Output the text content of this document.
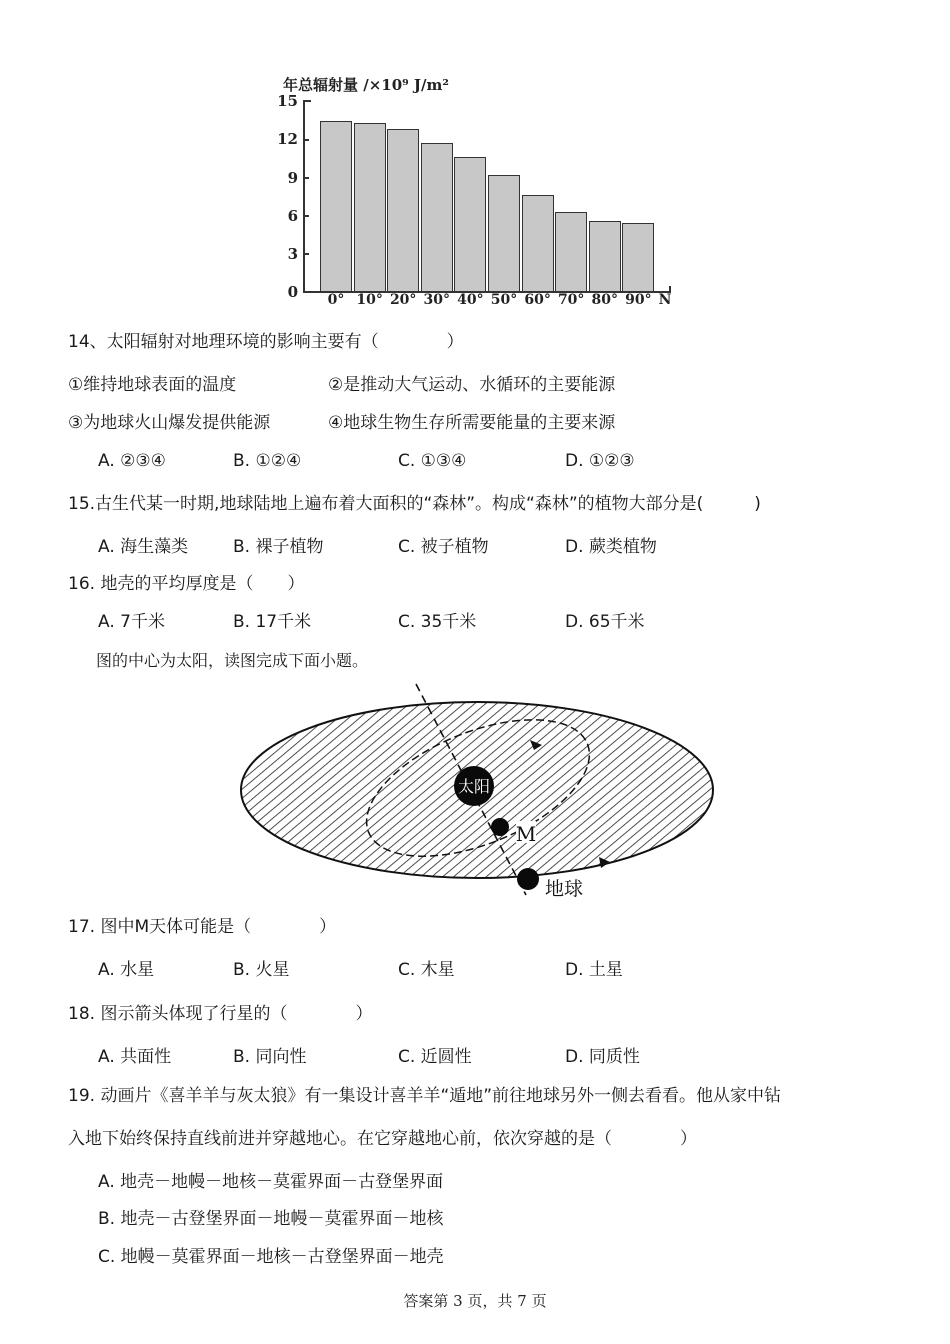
年总辐射量 /×10⁹ J/m²
15
12
9
6
3
0	0° 10° 20° 30° 40° 50° 60° 70° 80° 90° N
14、太阳辐射对地理环境的影响主要有（　　　　）
①维持地球表面的温度	②是推动大气运动、水循环的主要能源
③为地球火山爆发提供能源	④地球生物生存所需要能量的主要来源
A. ②③④	B. ①②④	C. ①③④	D. ①②③
15.古生代某一时期,地球陆地上遍布着大面积的“森林”。构成“森林”的植物大部分是(　　　)
A. 海生藻类	B. 裸子植物	C. 被子植物	D. 蕨类植物
16. 地壳的平均厚度是（　　）
A. 7千米	B. 17千米	C. 35千米	D. 65千米
图的中心为太阳，读图完成下面小题。
太阳
M
地球
17. 图中M天体可能是（　　　　）
A. 水星	B. 火星	C. 木星	D. 土星
18. 图示箭头体现了行星的（　　　　）
A. 共面性	B. 同向性	C. 近圆性	D. 同质性
19. 动画片《喜羊羊与灰太狼》有一集设计喜羊羊“遁地”前往地球另外一侧去看看。他从家中钻
入地下始终保持直线前进并穿越地心。在它穿越地心前，依次穿越的是（　　　　）
A. 地壳－地幔－地核－莫霍界面－古登堡界面
B. 地壳－古登堡界面－地幔－莫霍界面－地核
C. 地幔－莫霍界面－地核－古登堡界面－地壳
答案第 3 页，共 7 页
